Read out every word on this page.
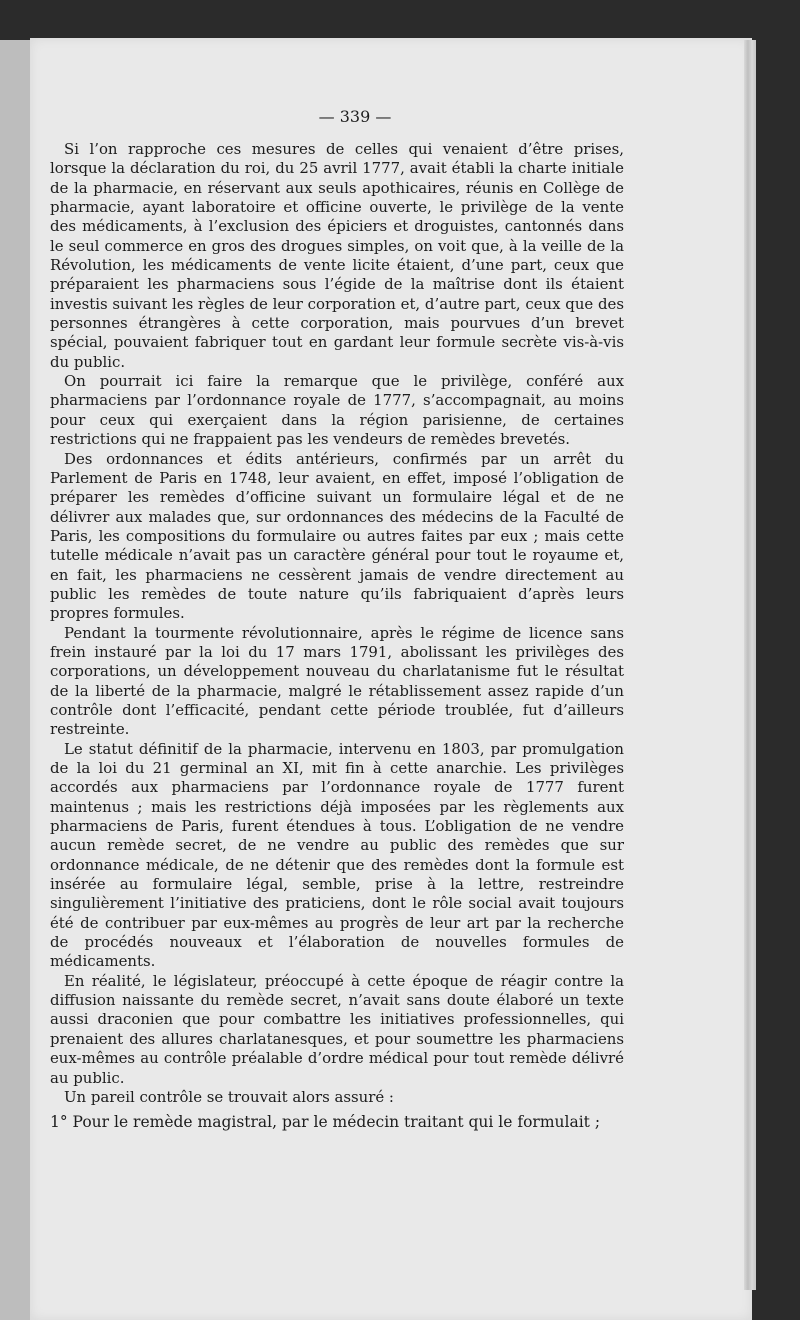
— 339 —

Si l’on rapproche ces mesures de celles qui venaient d’être prises, lorsque la déclaration du roi, du 25 avril 1777, avait établi la charte initiale de la pharmacie, en réservant aux seuls apothicaires, réunis en Collège de pharmacie, ayant laboratoire et officine ouverte, le privilège de la vente des médicaments, à l’exclusion des épiciers et droguistes, cantonnés dans le seul commerce en gros des drogues simples, on voit que, à la veille de la Révolution, les médicaments de vente licite étaient, d’une part, ceux que préparaient les pharmaciens sous l’égide de la maîtrise dont ils étaient investis suivant les règles de leur corporation et, d’autre part, ceux que des personnes étrangères à cette corporation, mais pourvues d’un brevet spécial, pouvaient fabriquer tout en gardant leur formule secrète vis-à-vis du public.

On pourrait ici faire la remarque que le privilège, conféré aux pharmaciens par l’ordonnance royale de 1777, s’accompagnait, au moins pour ceux qui exerçaient dans la région parisienne, de certaines restrictions qui ne frappaient pas les vendeurs de remèdes brevetés.

Des ordonnances et édits antérieurs, confirmés par un arrêt du Parlement de Paris en 1748, leur avaient, en effet, imposé l’obligation de préparer les remèdes d’officine suivant un formulaire légal et de ne délivrer aux malades que, sur ordonnances des médecins de la Faculté de Paris, les compositions du formulaire ou autres faites par eux ; mais cette tutelle médicale n’avait pas un caractère général pour tout le royaume et, en fait, les pharmaciens ne cessèrent jamais de vendre directement au public les remèdes de toute nature qu’ils fabriquaient d’après leurs propres formules.

Pendant la tourmente révolutionnaire, après le régime de licence sans frein instauré par la loi du 17 mars 1791, abolissant les privilèges des corporations, un développement nouveau du charlatanisme fut le résultat de la liberté de la pharmacie, malgré le rétablissement assez rapide d’un contrôle dont l’efficacité, pendant cette période troublée, fut d’ailleurs restreinte.

Le statut définitif de la pharmacie, intervenu en 1803, par promulgation de la loi du 21 germinal an XI, mit fin à cette anarchie. Les privilèges accordés aux pharmaciens par l’ordonnance royale de 1777 furent maintenus ; mais les restrictions déjà imposées par les règlements aux pharmaciens de Paris, furent étendues à tous. L’obligation de ne vendre aucun remède secret, de ne vendre au public des remèdes que sur ordonnance médicale, de ne détenir que des remèdes dont la formule est insérée au formulaire légal, semble, prise à la lettre, restreindre singulièrement l’initiative des praticiens, dont le rôle social avait toujours été de contribuer par eux-mêmes au progrès de leur art par la recherche de procédés nouveaux et l’élaboration de nouvelles formules de médicaments.

En réalité, le législateur, préoccupé à cette époque de réagir contre la diffusion naissante du remède secret, n’avait sans doute élaboré un texte aussi draconien que pour combattre les initiatives professionnelles, qui prenaient des allures charlatanesques, et pour soumettre les pharmaciens eux-mêmes au contrôle préalable d’ordre médical pour tout remède délivré au public.

Un pareil contrôle se trouvait alors assuré :

1° Pour le remède magistral, par le médecin traitant qui le formulait ;
